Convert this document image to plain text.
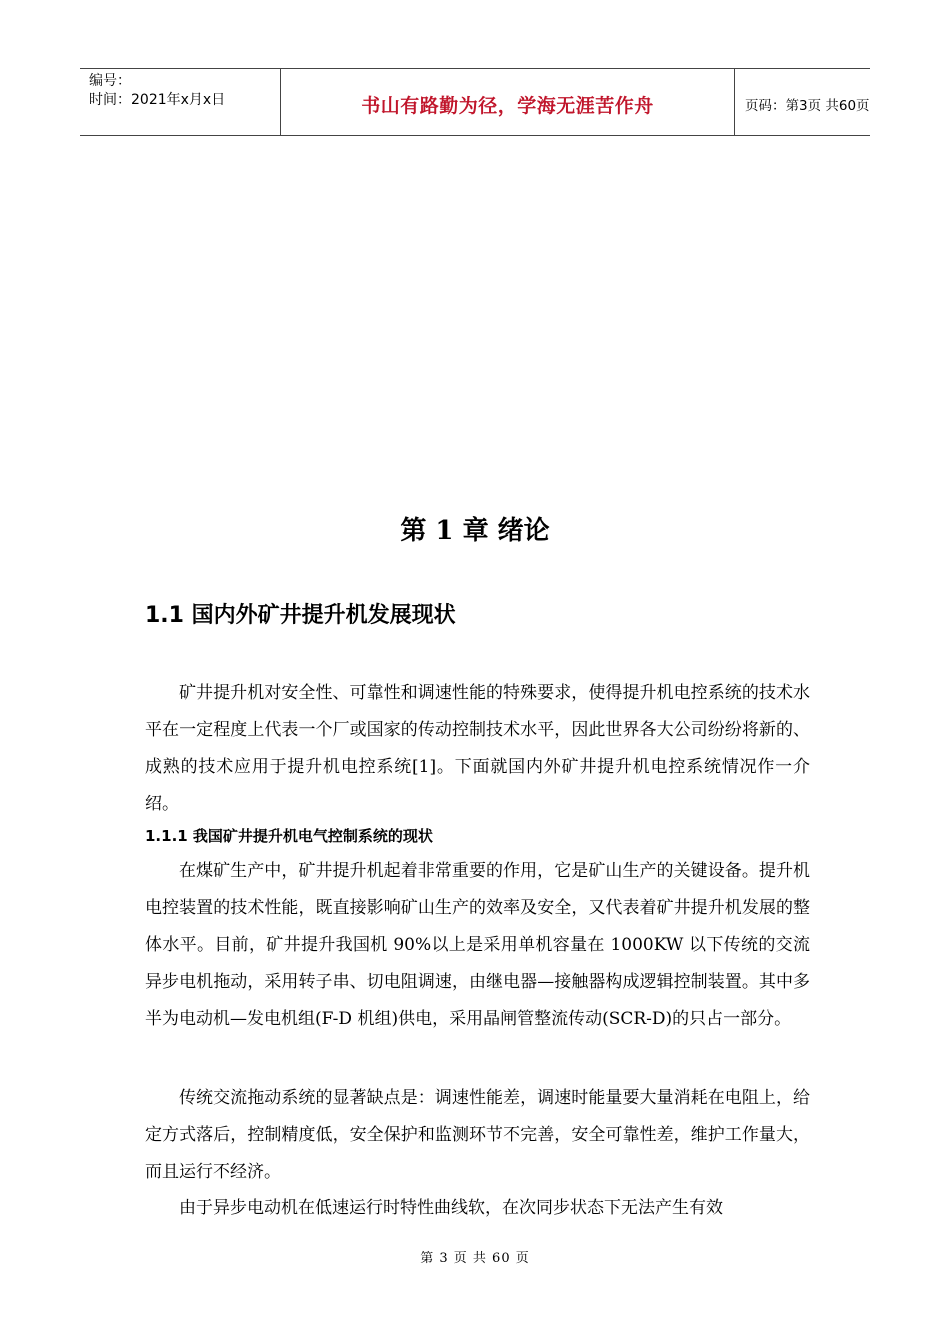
编号：
时间：2021年x月x日	书山有路勤为径，学海无涯苦作舟	页码：第3页 共60页
第 1 章 绪论
1.1 国内外矿井提升机发展现状

矿井提升机对安全性、可靠性和调速性能的特殊要求，使得提升机电控系统的技术水平在一定程度上代表一个厂或国家的传动控制技术水平，因此世界各大公司纷纷将新的、成熟的技术应用于提升机电控系统[1]。下面就国内外矿井提升机电控系统情况作一介绍。

1.1.1 我国矿井提升机电气控制系统的现状

在煤矿生产中，矿井提升机起着非常重要的作用，它是矿山生产的关键设备。提升机电控装置的技术性能，既直接影响矿山生产的效率及安全，又代表着矿井提升机发展的整体水平。目前，矿井提升我国机 90%以上是采用单机容量在 1000KW 以下传统的交流异步电机拖动，采用转子串、切电阻调速，由继电器—接触器构成逻辑控制装置。其中多半为电动机—发电机组(F-D 机组)供电，采用晶闸管整流传动(SCR-D)的只占一部分。

传统交流拖动系统的显著缺点是：调速性能差，调速时能量要大量消耗在电阻上，给定方式落后，控制精度低，安全保护和监测环节不完善，安全可靠性差，维护工作量大，而且运行不经济。

由于异步电动机在低速运行时特性曲线软，在次同步状态下无法产生有效

第 3 页 共 60 页
